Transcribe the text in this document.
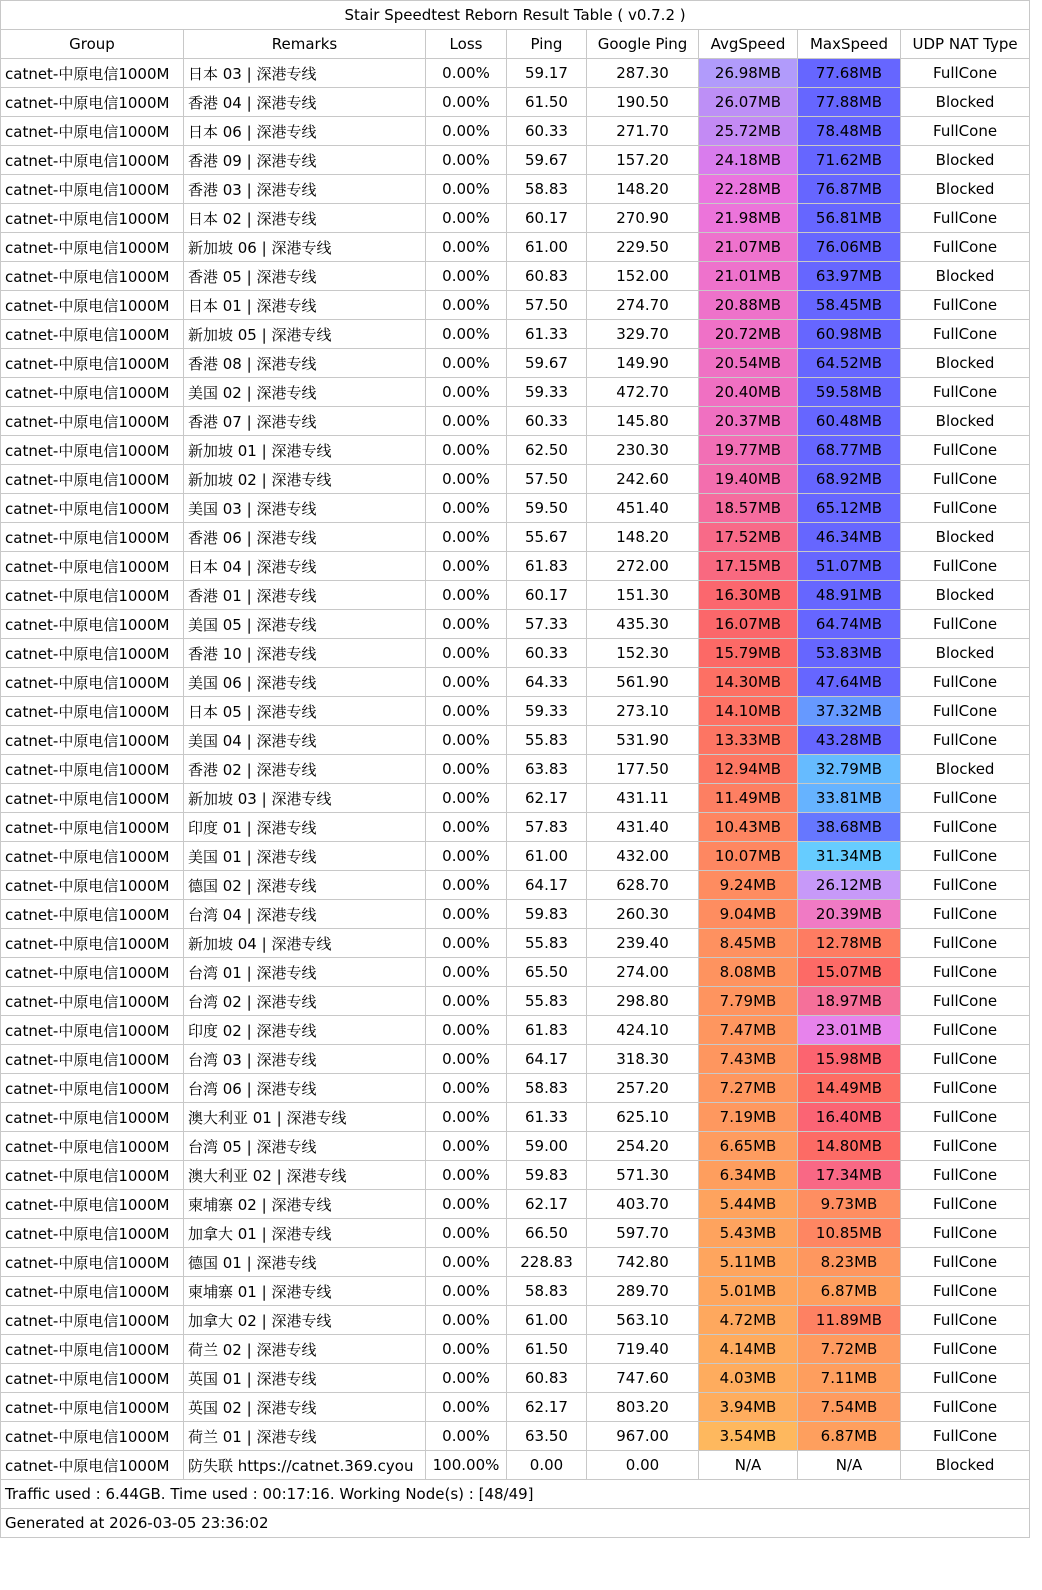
Stair Speedtest Reborn Result Table ( v0.7.2 )							
Group	Remarks	Loss	Ping	Google Ping	AvgSpeed	MaxSpeed	UDP NAT Type
catnet-中原电信1000M	日本 03 | 深港专线	0.00%	59.17	287.30	26.98MB	77.68MB	FullCone
catnet-中原电信1000M	香港 04 | 深港专线	0.00%	61.50	190.50	26.07MB	77.88MB	Blocked
catnet-中原电信1000M	日本 06 | 深港专线	0.00%	60.33	271.70	25.72MB	78.48MB	FullCone
catnet-中原电信1000M	香港 09 | 深港专线	0.00%	59.67	157.20	24.18MB	71.62MB	Blocked
catnet-中原电信1000M	香港 03 | 深港专线	0.00%	58.83	148.20	22.28MB	76.87MB	Blocked
catnet-中原电信1000M	日本 02 | 深港专线	0.00%	60.17	270.90	21.98MB	56.81MB	FullCone
catnet-中原电信1000M	新加坡 06 | 深港专线	0.00%	61.00	229.50	21.07MB	76.06MB	FullCone
catnet-中原电信1000M	香港 05 | 深港专线	0.00%	60.83	152.00	21.01MB	63.97MB	Blocked
catnet-中原电信1000M	日本 01 | 深港专线	0.00%	57.50	274.70	20.88MB	58.45MB	FullCone
catnet-中原电信1000M	新加坡 05 | 深港专线	0.00%	61.33	329.70	20.72MB	60.98MB	FullCone
catnet-中原电信1000M	香港 08 | 深港专线	0.00%	59.67	149.90	20.54MB	64.52MB	Blocked
catnet-中原电信1000M	美国 02 | 深港专线	0.00%	59.33	472.70	20.40MB	59.58MB	FullCone
catnet-中原电信1000M	香港 07 | 深港专线	0.00%	60.33	145.80	20.37MB	60.48MB	Blocked
catnet-中原电信1000M	新加坡 01 | 深港专线	0.00%	62.50	230.30	19.77MB	68.77MB	FullCone
catnet-中原电信1000M	新加坡 02 | 深港专线	0.00%	57.50	242.60	19.40MB	68.92MB	FullCone
catnet-中原电信1000M	美国 03 | 深港专线	0.00%	59.50	451.40	18.57MB	65.12MB	FullCone
catnet-中原电信1000M	香港 06 | 深港专线	0.00%	55.67	148.20	17.52MB	46.34MB	Blocked
catnet-中原电信1000M	日本 04 | 深港专线	0.00%	61.83	272.00	17.15MB	51.07MB	FullCone
catnet-中原电信1000M	香港 01 | 深港专线	0.00%	60.17	151.30	16.30MB	48.91MB	Blocked
catnet-中原电信1000M	美国 05 | 深港专线	0.00%	57.33	435.30	16.07MB	64.74MB	FullCone
catnet-中原电信1000M	香港 10 | 深港专线	0.00%	60.33	152.30	15.79MB	53.83MB	Blocked
catnet-中原电信1000M	美国 06 | 深港专线	0.00%	64.33	561.90	14.30MB	47.64MB	FullCone
catnet-中原电信1000M	日本 05 | 深港专线	0.00%	59.33	273.10	14.10MB	37.32MB	FullCone
catnet-中原电信1000M	美国 04 | 深港专线	0.00%	55.83	531.90	13.33MB	43.28MB	FullCone
catnet-中原电信1000M	香港 02 | 深港专线	0.00%	63.83	177.50	12.94MB	32.79MB	Blocked
catnet-中原电信1000M	新加坡 03 | 深港专线	0.00%	62.17	431.11	11.49MB	33.81MB	FullCone
catnet-中原电信1000M	印度 01 | 深港专线	0.00%	57.83	431.40	10.43MB	38.68MB	FullCone
catnet-中原电信1000M	美国 01 | 深港专线	0.00%	61.00	432.00	10.07MB	31.34MB	FullCone
catnet-中原电信1000M	德国 02 | 深港专线	0.00%	64.17	628.70	9.24MB	26.12MB	FullCone
catnet-中原电信1000M	台湾 04 | 深港专线	0.00%	59.83	260.30	9.04MB	20.39MB	FullCone
catnet-中原电信1000M	新加坡 04 | 深港专线	0.00%	55.83	239.40	8.45MB	12.78MB	FullCone
catnet-中原电信1000M	台湾 01 | 深港专线	0.00%	65.50	274.00	8.08MB	15.07MB	FullCone
catnet-中原电信1000M	台湾 02 | 深港专线	0.00%	55.83	298.80	7.79MB	18.97MB	FullCone
catnet-中原电信1000M	印度 02 | 深港专线	0.00%	61.83	424.10	7.47MB	23.01MB	FullCone
catnet-中原电信1000M	台湾 03 | 深港专线	0.00%	64.17	318.30	7.43MB	15.98MB	FullCone
catnet-中原电信1000M	台湾 06 | 深港专线	0.00%	58.83	257.20	7.27MB	14.49MB	FullCone
catnet-中原电信1000M	澳大利亚 01 | 深港专线	0.00%	61.33	625.10	7.19MB	16.40MB	FullCone
catnet-中原电信1000M	台湾 05 | 深港专线	0.00%	59.00	254.20	6.65MB	14.80MB	FullCone
catnet-中原电信1000M	澳大利亚 02 | 深港专线	0.00%	59.83	571.30	6.34MB	17.34MB	FullCone
catnet-中原电信1000M	柬埔寨 02 | 深港专线	0.00%	62.17	403.70	5.44MB	9.73MB	FullCone
catnet-中原电信1000M	加拿大 01 | 深港专线	0.00%	66.50	597.70	5.43MB	10.85MB	FullCone
catnet-中原电信1000M	德国 01 | 深港专线	0.00%	228.83	742.80	5.11MB	8.23MB	FullCone
catnet-中原电信1000M	柬埔寨 01 | 深港专线	0.00%	58.83	289.70	5.01MB	6.87MB	FullCone
catnet-中原电信1000M	加拿大 02 | 深港专线	0.00%	61.00	563.10	4.72MB	11.89MB	FullCone
catnet-中原电信1000M	荷兰 02 | 深港专线	0.00%	61.50	719.40	4.14MB	7.72MB	FullCone
catnet-中原电信1000M	英国 01 | 深港专线	0.00%	60.83	747.60	4.03MB	7.11MB	FullCone
catnet-中原电信1000M	英国 02 | 深港专线	0.00%	62.17	803.20	3.94MB	7.54MB	FullCone
catnet-中原电信1000M	荷兰 01 | 深港专线	0.00%	63.50	967.00	3.54MB	6.87MB	FullCone
catnet-中原电信1000M	防失联 https://catnet.369.cyou	100.00%	0.00	0.00	N/A	N/A	Blocked
Traffic used : 6.44GB. Time used : 00:17:16. Working Node(s) : [48/49]							
Generated at 2026-03-05 23:36:02							
